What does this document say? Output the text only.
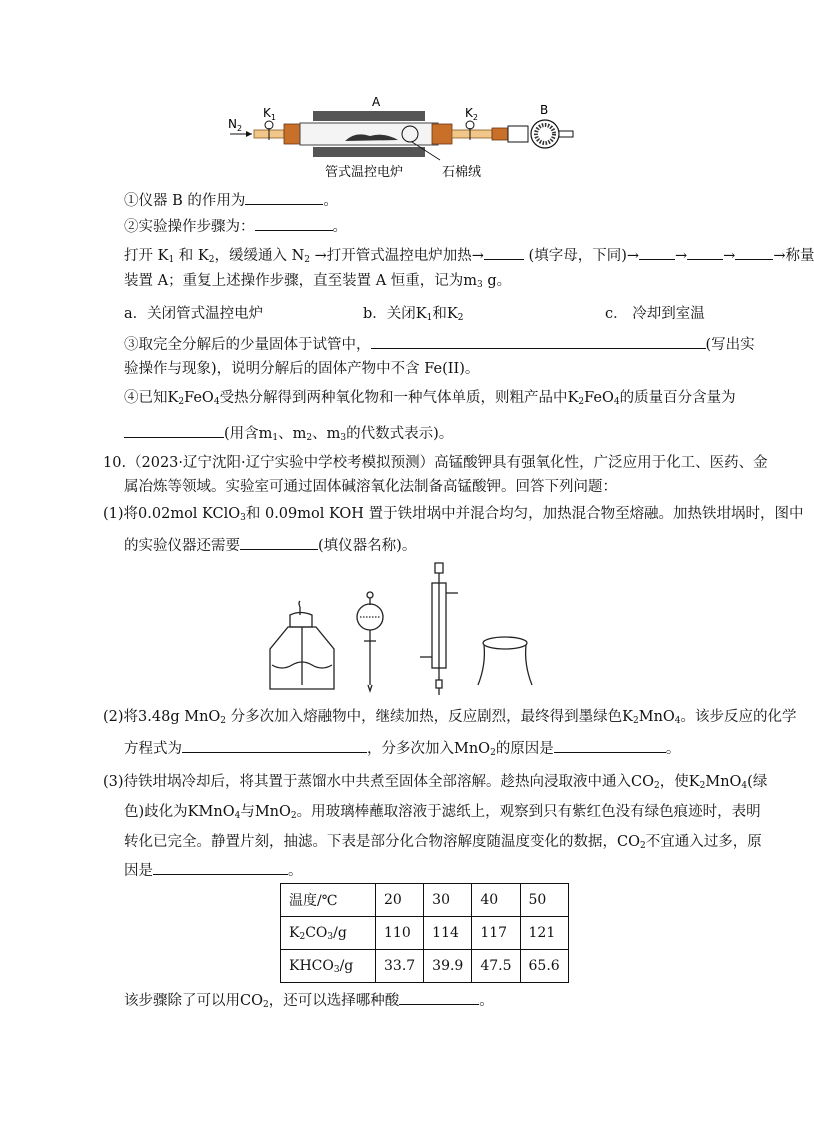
$N_2$
$K_1$
A
$K_2$
B
管式温控电炉	石棉绒
①仪器 B 的作用为	。
②实验操作步骤为：	。
打开 $K_1$ 和 $K_2$，缓缓通入 $N_2$ →打开管式温控电炉加热→	(填字母，下同)→ → →	→称量
装置 A；重复上述操作步骤，直至装置 A 恒重，记为$m_3$ g。
a．关闭管式温控电炉	b．关闭$K_1$和$K_2$	c． 冷却到室温
③取完全分解后的少量固体于试管中，	(写出实
验操作与现象)，说明分解后的固体产物中不含 Fe(II)。
④已知$K_2FeO_4$受热分解得到两种氧化物和一种气体单质，则粗产品中$K_2FeO_4$的质量百分含量为
(用含$m_1$、$m_2$、$m_3$的代数式表示)。
10.（2023·辽宁沈阳·辽宁实验中学校考模拟预测）高锰酸钾具有强氧化性，广泛应用于化工、医药、金
属冶炼等领域。实验室可通过固体碱溶氧化法制备高锰酸钾。回答下列问题：
(1)将0.02mol KClO$_3$和 0.09mol KOH 置于铁坩埚中并混合均匀，加热混合物至熔融。加热铁坩埚时，图中
的实验仪器还需要	(填仪器名称)。
(2)将3.48g MnO$_2$ 分多次加入熔融物中，继续加热，反应剧烈，最终得到墨绿色$K_2MnO_4$。该步反应的化学
方程式为	，分多次加入MnO$_2$的原因是	。
(3)待铁坩埚冷却后，将其置于蒸馏水中共煮至固体全部溶解。趁热向浸取液中通入$CO_2$，使$K_2MnO_4$(绿
色)歧化为KMnO$_4$与MnO$_2$。用玻璃棒蘸取溶液于滤纸上，观察到只有紫红色没有绿色痕迹时，表明
转化已完全。静置片刻，抽滤。下表是部分化合物溶解度随温度变化的数据，$CO_2$不宜通入过多，原
因是	。
温度/℃	20	30	40	50
$K_2CO_3/g$	110	114	117	121
$KHCO_3/g$	33.7	39.9	47.5	65.6
该步骤除了可以用$CO_2$，还可以选择哪种酸	。
